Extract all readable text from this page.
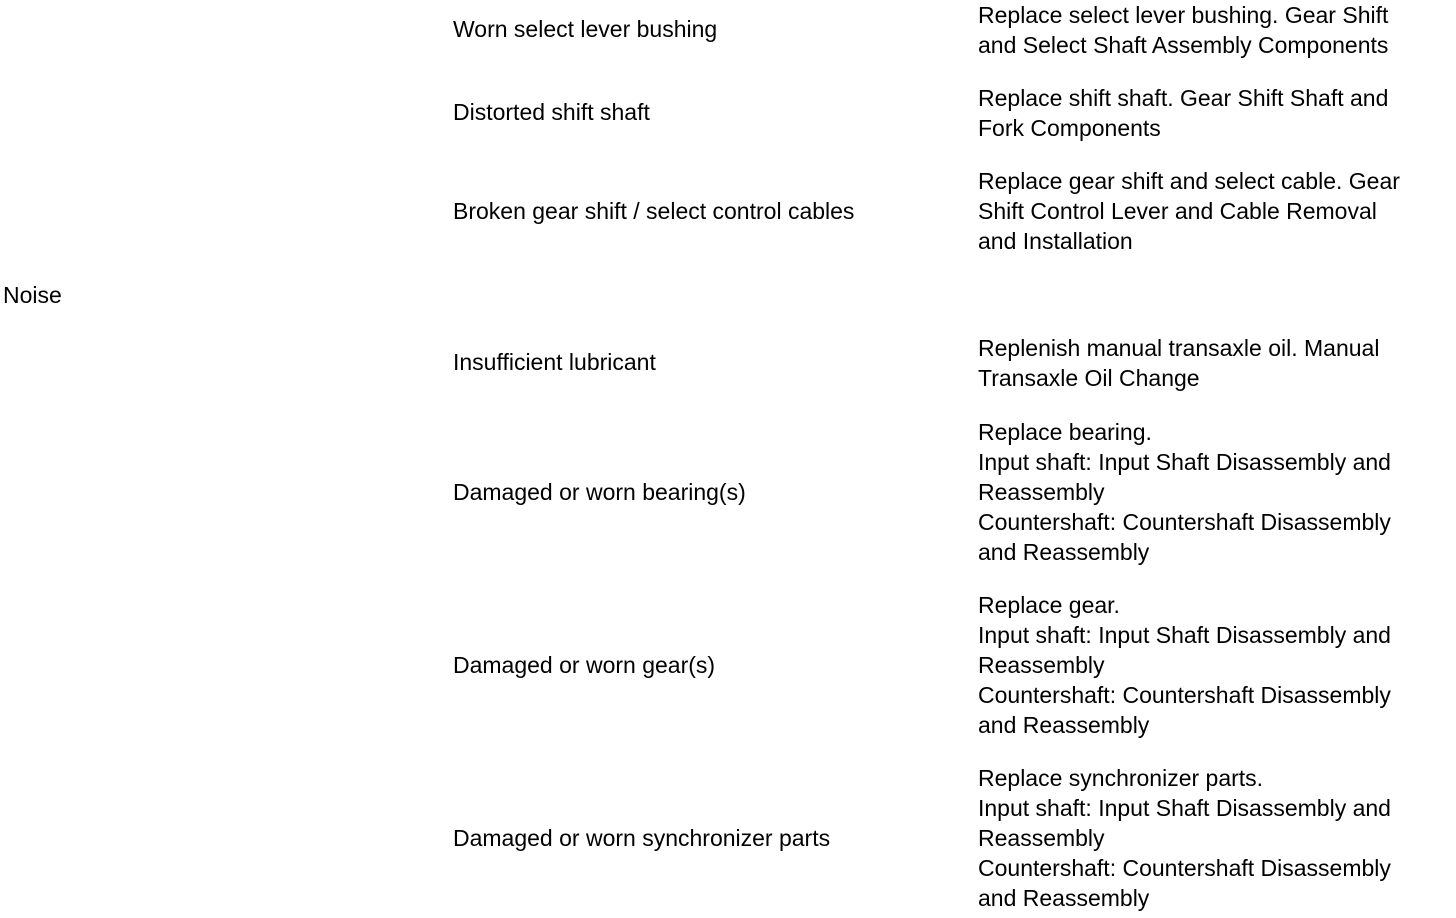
Noise

Worn select lever bushing

Replace select lever bushing. Gear Shift
and Select Shaft Assembly Components

Distorted shift shaft

Replace shift shaft. Gear Shift Shaft and
Fork Components

Broken gear shift / select control cables

Replace gear shift and select cable. Gear
Shift Control Lever and Cable Removal
and Installation

Insufficient lubricant

Replenish manual transaxle oil. Manual
Transaxle Oil Change

Damaged or worn bearing(s)

Replace bearing.
Input shaft: Input Shaft Disassembly and
Reassembly
Countershaft: Countershaft Disassembly
and Reassembly

Damaged or worn gear(s)

Replace gear.
Input shaft: Input Shaft Disassembly and
Reassembly
Countershaft: Countershaft Disassembly
and Reassembly

Damaged or worn synchronizer parts

Replace synchronizer parts.
Input shaft: Input Shaft Disassembly and
Reassembly
Countershaft: Countershaft Disassembly
and Reassembly
